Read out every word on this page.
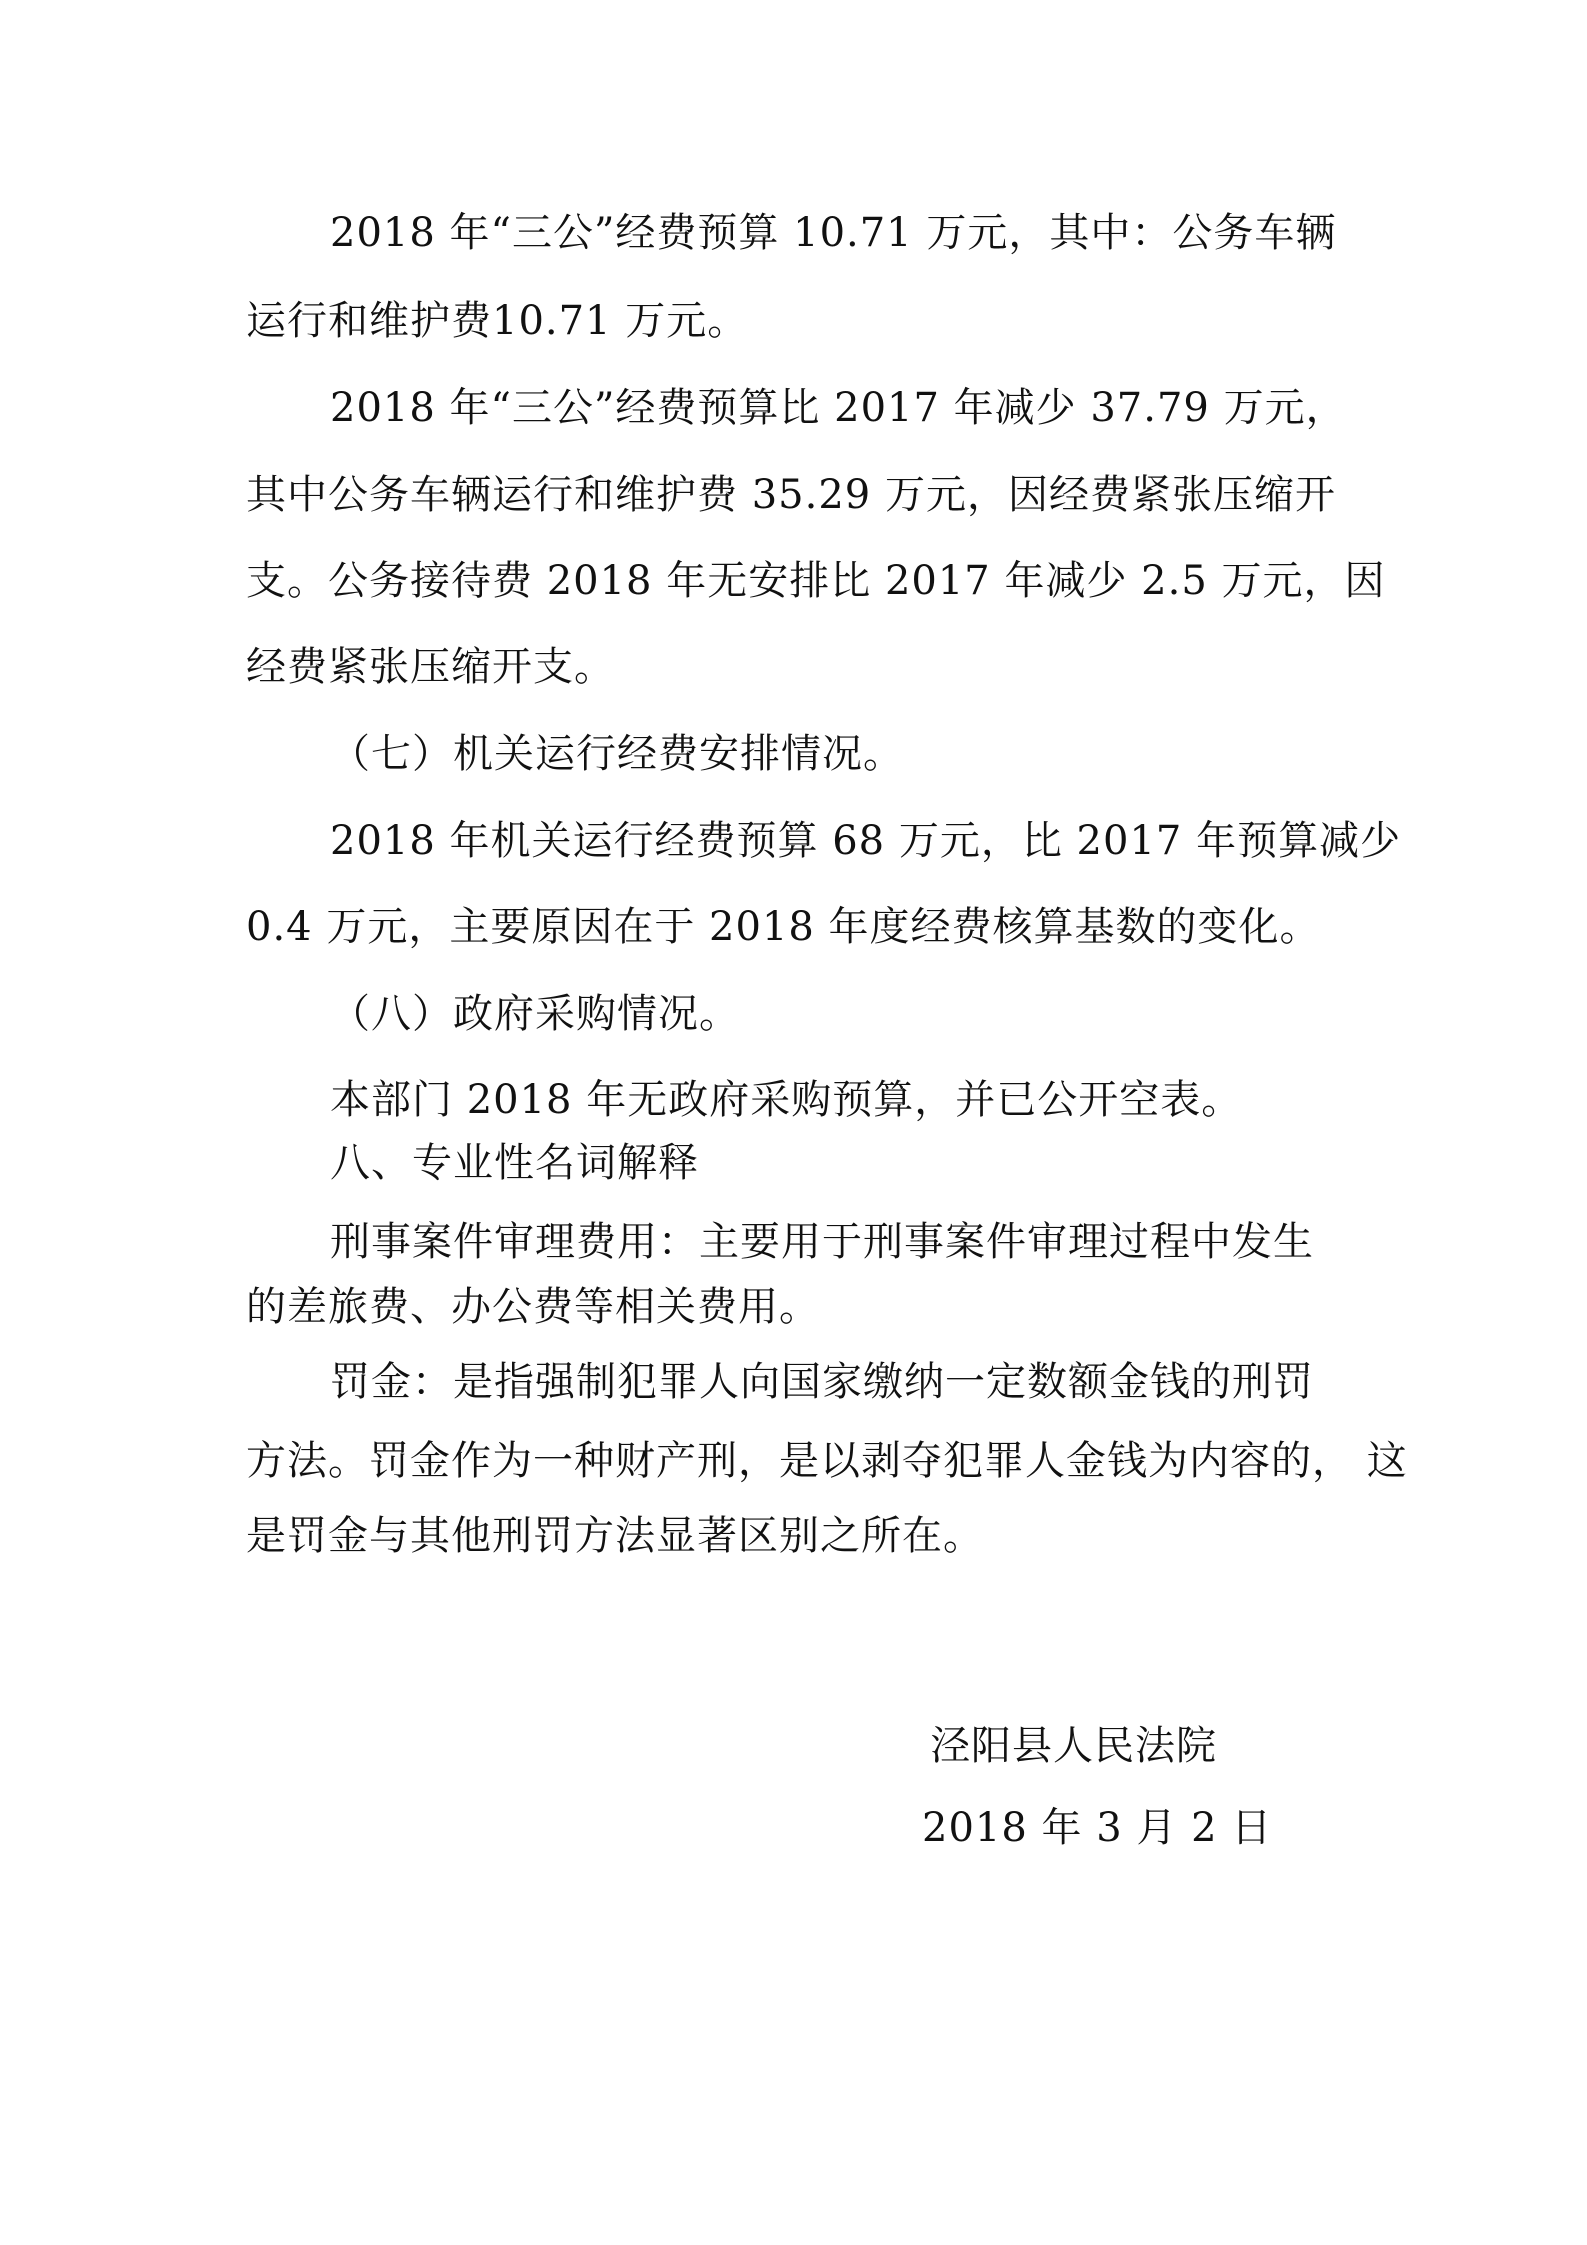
2018 年“三公”经费预算 10.71 万元，其中：公务车辆
运行和维护费10.71 万元。
2018 年“三公”经费预算比 2017 年减少 37.79 万元，
其中公务车辆运行和维护费 35.29 万元，因经费紧张压缩开
支。公务接待费 2018 年无安排比 2017 年减少 2.5 万元，因
经费紧张压缩开支。
（七）机关运行经费安排情况。
2018 年机关运行经费预算 68 万元，比 2017 年预算减少
0.4 万元，主要原因在于 2018 年度经费核算基数的变化。
（八）政府采购情况。
本部门 2018 年无政府采购预算，并已公开空表。
八、专业性名词解释
刑事案件审理费用：主要用于刑事案件审理过程中发生
的差旅费、办公费等相关费用。
罚金：是指强制犯罪人向国家缴纳一定数额金钱的刑罚
方法。罚金作为一种财产刑，是以剥夺犯罪人金钱为内容的， 这
是罚金与其他刑罚方法显著区别之所在。
泾阳县人民法院
2018 年 3 月 2 日
